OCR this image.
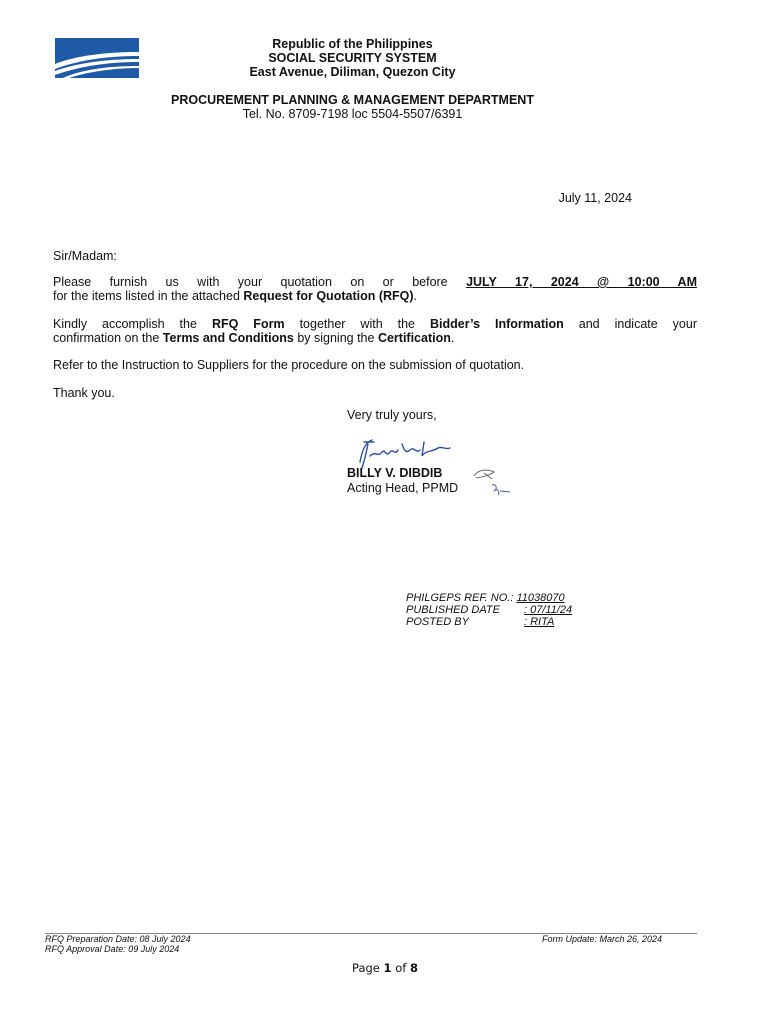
Republic of the Philippines
SOCIAL SECURITY SYSTEM
East Avenue, Diliman, Quezon City
PROCUREMENT PLANNING & MANAGEMENT DEPARTMENT
Tel. No. 8709-7198 loc 5504-5507/6391
July 11, 2024
Sir/Madam:
Please furnish us with your quotation on or before JULY 17, 2024 @ 10:00 AM
for the items listed in the attached Request for Quotation (RFQ).
Kindly accomplish the RFQ Form together with the Bidder’s Information and indicate your
confirmation on the Terms and Conditions by signing the Certification.
Refer to the Instruction to Suppliers for the procedure on the submission of quotation.
Thank you.
Very truly yours,
BILLY V. DIBDIB
Acting Head, PPMD
PHILGEPS REF. NO.: 11038070
PUBLISHED DATE : 07/11/24
POSTED BY	: RITA
RFQ Preparation Date: 08 July 2024
RFQ Approval Date: 09 July 2024
Form Update: March 26, 2024
Page 1 of 8
